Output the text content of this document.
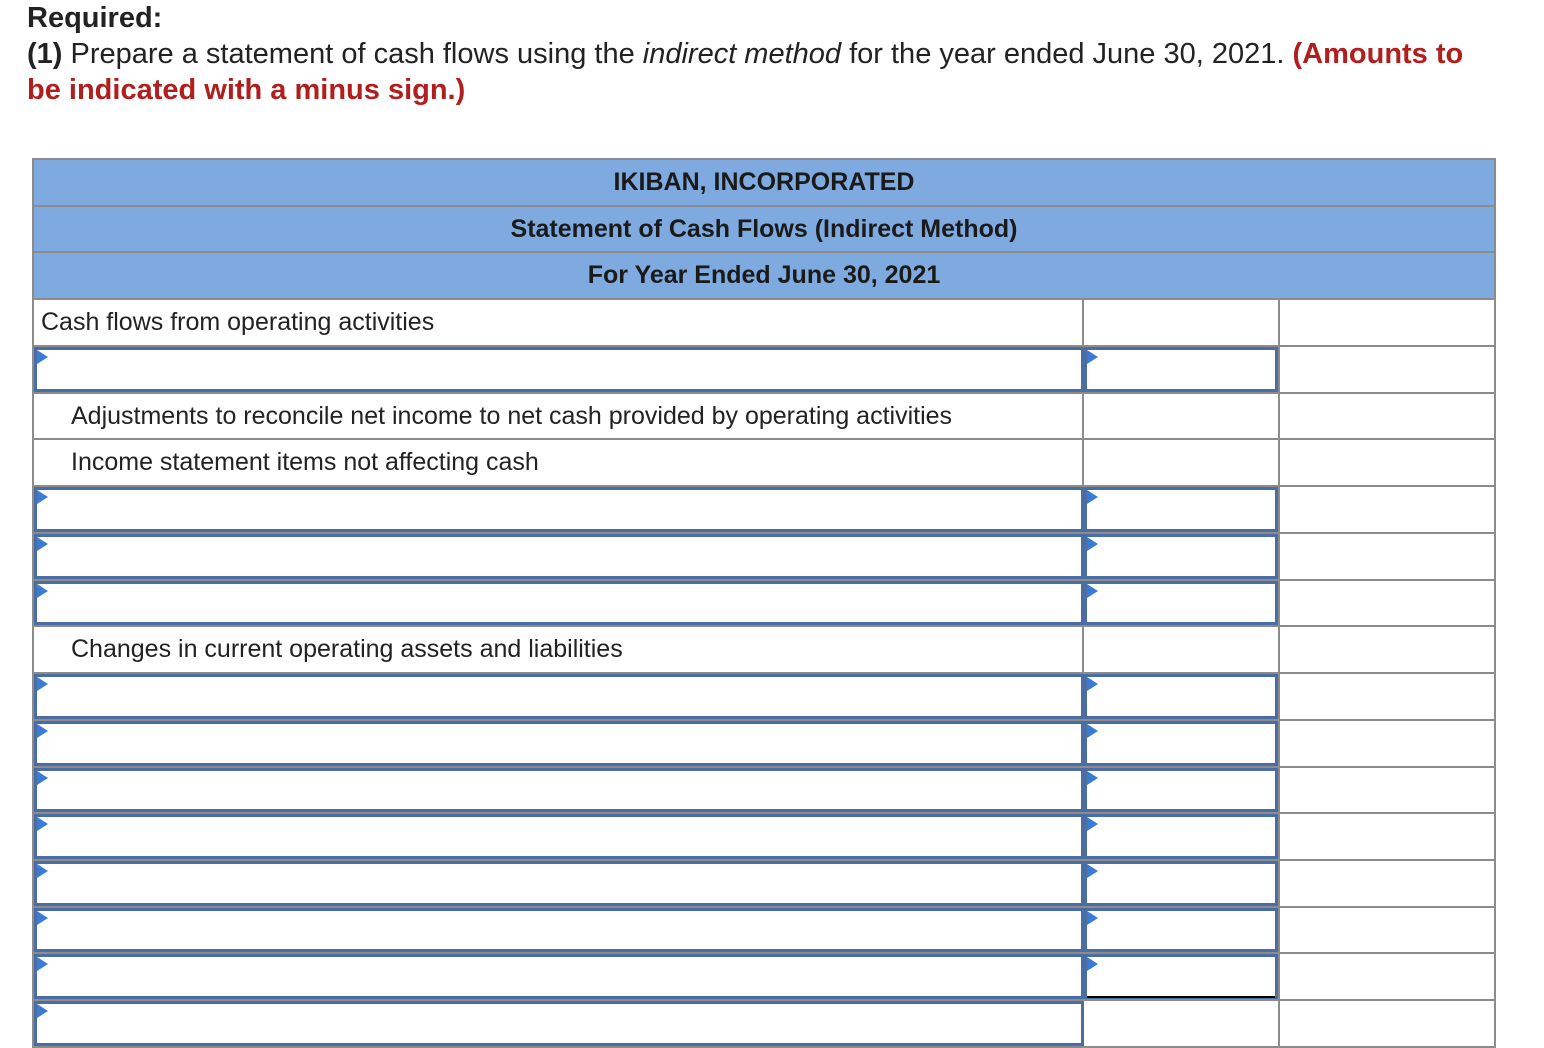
Required:
(1) Prepare a statement of cash flows using the indirect method for the year ended June 30, 2021. (Amounts to
be indicated with a minus sign.)
IKIBAN, INCORPORATED		
Statement of Cash Flows (Indirect Method)		
For Year Ended June 30, 2021		
Cash flows from operating activities		

Adjustments to reconcile net income to net cash provided by operating activities		
Income statement items not affecting cash		

Changes in current operating assets and liabilities		
